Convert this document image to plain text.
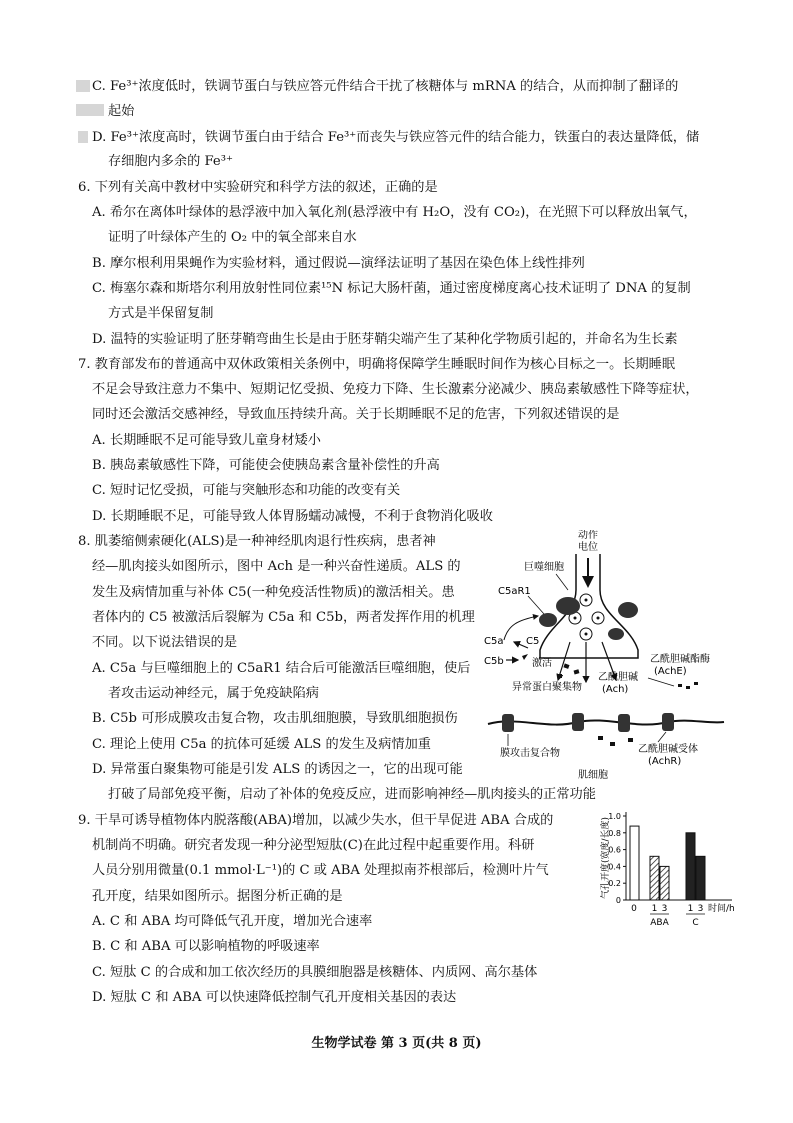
C. Fe³⁺浓度低时，铁调节蛋白与铁应答元件结合干扰了核糖体与 mRNA 的结合，从而抑制了翻译的
起始
D. Fe³⁺浓度高时，铁调节蛋白由于结合 Fe³⁺而丧失与铁应答元件的结合能力，铁蛋白的表达量降低，储
存细胞内多余的 Fe³⁺
6. 下列有关高中教材中实验研究和科学方法的叙述，正确的是
A. 希尔在离体叶绿体的悬浮液中加入氧化剂(悬浮液中有 H₂O，没有 CO₂)，在光照下可以释放出氧气，
证明了叶绿体产生的 O₂ 中的氧全部来自水
B. 摩尔根利用果蝇作为实验材料，通过假说—演绎法证明了基因在染色体上线性排列
C. 梅塞尔森和斯塔尔利用放射性同位素¹⁵N 标记大肠杆菌，通过密度梯度离心技术证明了 DNA 的复制
方式是半保留复制
D. 温特的实验证明了胚芽鞘弯曲生长是由于胚芽鞘尖端产生了某种化学物质引起的，并命名为生长素
7. 教育部发布的普通高中双休政策相关条例中，明确将保障学生睡眠时间作为核心目标之一。长期睡眠
不足会导致注意力不集中、短期记忆受损、免疫力下降、生长激素分泌减少、胰岛素敏感性下降等症状，
同时还会激活交感神经，导致血压持续升高。关于长期睡眠不足的危害，下列叙述错误的是
A. 长期睡眠不足可能导致儿童身材矮小
B. 胰岛素敏感性下降，可能使会使胰岛素含量补偿性的升高
C. 短时记忆受损，可能与突触形态和功能的改变有关
D. 长期睡眠不足，可能导致人体胃肠蠕动减慢，不利于食物消化吸收
8. 肌萎缩侧索硬化(ALS)是一种神经肌肉退行性疾病，患者神
经—肌肉接头如图所示，图中 Ach 是一种兴奋性递质。ALS 的
发生及病情加重与补体 C5(一种免疫活性物质)的激活相关。患
者体内的 C5 被激活后裂解为 C5a 和 C5b，两者发挥作用的机理
不同。以下说法错误的是
A. C5a 与巨噬细胞上的 C5aR1 结合后可能激活巨噬细胞，使后
者攻击运动神经元，属于免疫缺陷病
B. C5b 可形成膜攻击复合物，攻击肌细胞膜，导致肌细胞损伤
C. 理论上使用 C5a 的抗体可延缓 ALS 的发生及病情加重
D. 异常蛋白聚集物可能是引发 ALS 的诱因之一，它的出现可能
打破了局部免疫平衡，启动了补体的免疫反应，进而影响神经—肌肉接头的正常功能
9. 干旱可诱导植物体内脱落酸(ABA)增加，以减少失水，但干旱促进 ABA 合成的
机制尚不明确。研究者发现一种分泌型短肽(C)在此过程中起重要作用。科研
人员分别用微量(0.1 mmol·L⁻¹)的 C 或 ABA 处理拟南芥根部后，检测叶片气
孔开度，结果如图所示。据图分析正确的是
A. C 和 ABA 均可降低气孔开度，增加光合速率
B. C 和 ABA 可以影响植物的呼吸速率
C. 短肽 C 的合成和加工依次经历的具膜细胞器是核糖体、内质网、高尔基体
D. 短肽 C 和 ABA 可以快速降低控制气孔开度相关基因的表达
动作
电位
巨噬细胞
C5aR1
C5
C5a
C5b	激活
异常蛋白聚集物
乙酰胆碱
(Ach)
乙酰胆碱酯酶
(AchE)
膜攻击复合物	乙酰胆碱受体
(AchR)
肌细胞
0
0.2
0.4
0.6
0.8
1.0
气孔开度(宽度/长度)
0 1 3
ABA
1 3
C
时间/h
生物学试卷 第 3 页(共 8 页)
